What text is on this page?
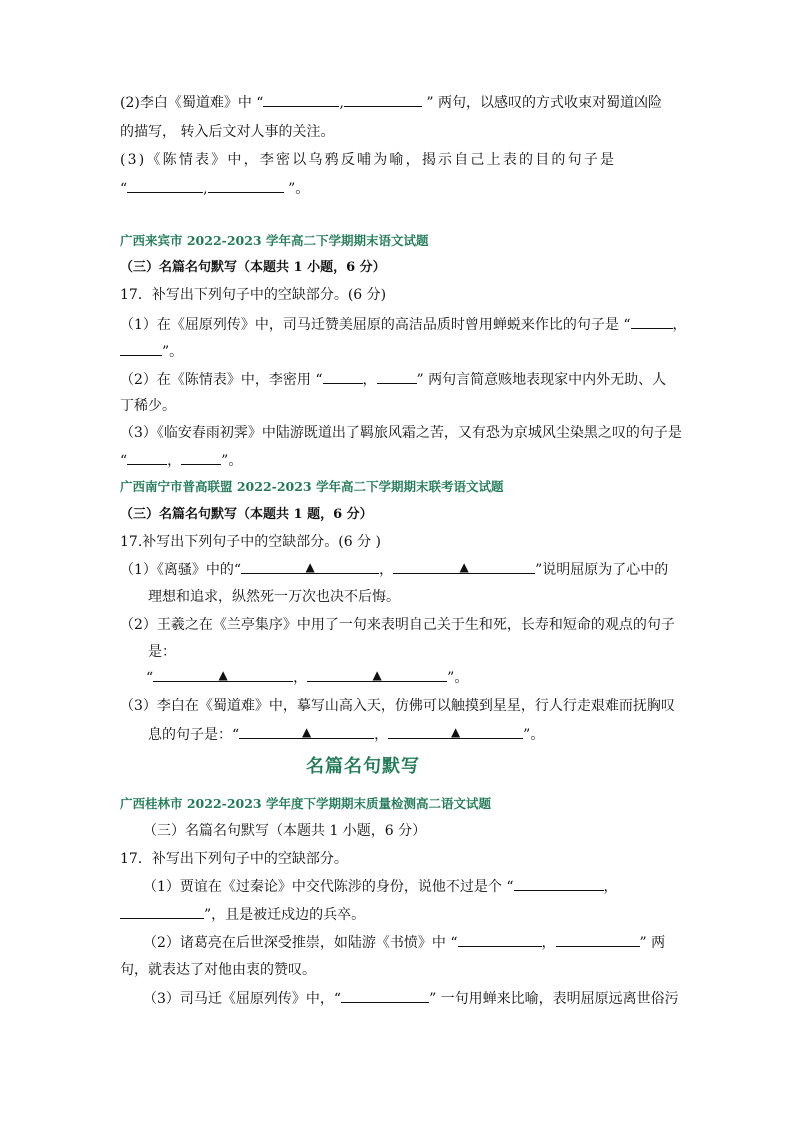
(2)李白《蜀道难》中 “	,	” 两句，以感叹的方式收束对蜀道凶险
的描写， 转入后文对人事的关注。
(3)《陈情表》中，李密以乌鸦反哺为喻，揭示自己上表的目的句子是
“	,	”。
广西来宾市 2022-2023 学年高二下学期期末语文试题
（三）名篇名句默写（本题共 1 小题，6 分）
17．补写出下列句子中的空缺部分。(6 分)
（1）在《屈原列传》中，司马迁赞美屈原的高洁品质时曾用蝉蜕来作比的句子是 “	，
”。
（2）在《陈情表》中，李密用 “	，	” 两句言简意赅地表现家中内外无助、人
丁稀少。
（3）《临安春雨初霁》中陆游既道出了羁旅风霜之苦，又有恐为京城风尘染黑之叹的句子是
“	，	”。
广西南宁市普高联盟 2022-2023 学年高二下学期期末联考语文试题
（三）名篇名句默写（本题共 1 题，6 分）
17.补写出下列句子中的空缺部分。(6 分 )
（1）《离骚》中的“	▲	，	▲	”说明屈原为了心中的
理想和追求，纵然死一万次也决不后悔。
（2）王羲之在《兰亭集序》中用了一句来表明自己关于生和死，长寿和短命的观点的句子
是：
“	▲	，	▲	”。
（3）李白在《蜀道难》中，摹写山高入天，仿佛可以触摸到星星，行人行走艰难而抚胸叹
息的句子是：“	▲	，	▲	”。
名篇名句默写
广西桂林市 2022-2023 学年度下学期期末质量检测高二语文试题
（三）名篇名句默写（本题共 1 小题，6 分）
17．补写出下列句子中的空缺部分。
（1）贾谊在《过秦论》中交代陈涉的身份，说他不过是个 “	，
”，且是被迁戍边的兵卒。
（2）诸葛亮在后世深受推崇，如陆游《书愤》中 “	，	” 两
句，就表达了对他由衷的赞叹。
（3）司马迁《屈原列传》中，“	” 一句用蝉来比喻，表明屈原远离世俗污
